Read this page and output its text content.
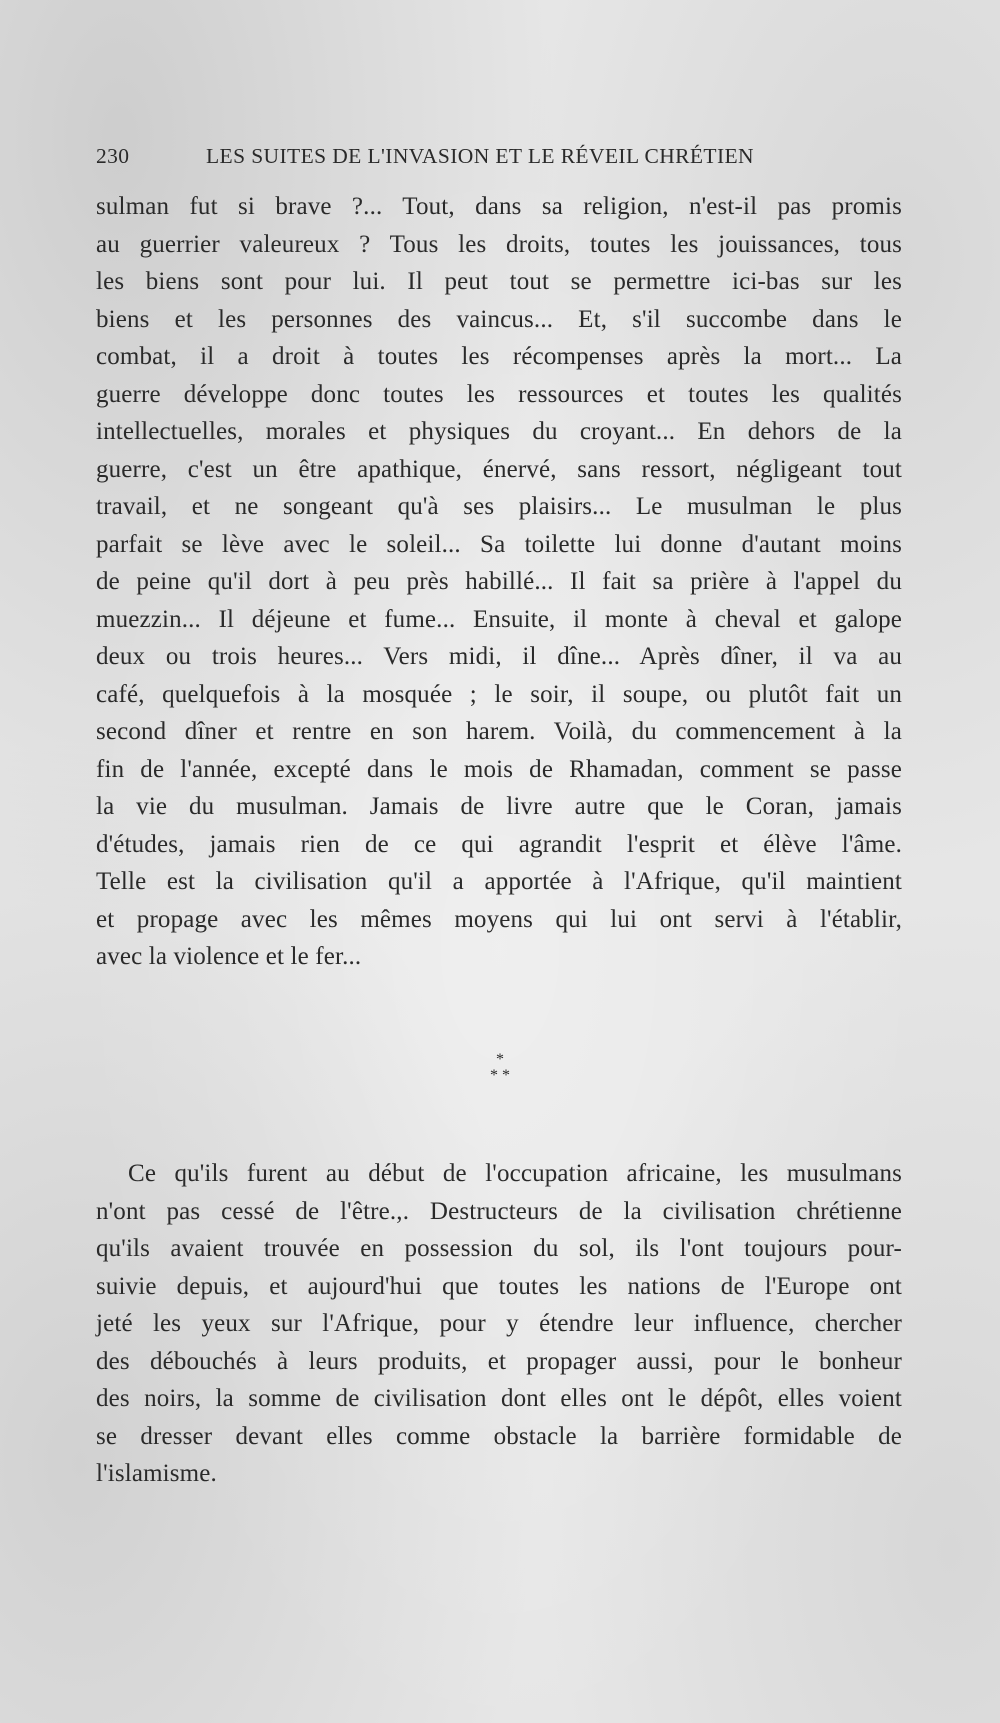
230	LES SUITES DE L'INVASION ET LE RÉVEIL CHRÉTIEN
sulman fut si brave ?... Tout, dans sa religion, n'est-il pas promis
au guerrier valeureux ? Tous les droits, toutes les jouissances, tous
les biens sont pour lui. Il peut tout se permettre ici-bas sur les
biens et les personnes des vaincus... Et, s'il succombe dans le
combat, il a droit à toutes les récompenses après la mort... La
guerre développe donc toutes les ressources et toutes les qualités
intellectuelles, morales et physiques du croyant... En dehors de la
guerre, c'est un être apathique, énervé, sans ressort, négligeant tout
travail, et ne songeant qu'à ses plaisirs... Le musulman le plus
parfait se lève avec le soleil... Sa toilette lui donne d'autant moins
de peine qu'il dort à peu près habillé... Il fait sa prière à l'appel du
muezzin... Il déjeune et fume... Ensuite, il monte à cheval et galope
deux ou trois heures... Vers midi, il dîne... Après dîner, il va au
café, quelquefois à la mosquée ; le soir, il soupe, ou plutôt fait un
second dîner et rentre en son harem. Voilà, du commencement à la
fin de l'année, excepté dans le mois de Rhamadan, comment se passe
la vie du musulman. Jamais de livre autre que le Coran, jamais
d'études, jamais rien de ce qui agrandit l'esprit et élève l'âme.
Telle est la civilisation qu'il a apportée à l'Afrique, qu'il maintient
et propage avec les mêmes moyens qui lui ont servi à l'établir,
avec la violence et le fer...
*
* *
Ce qu'ils furent au début de l'occupation africaine, les musulmans
n'ont pas cessé de l'être.,. Destructeurs de la civilisation chrétienne
qu'ils avaient trouvée en possession du sol, ils l'ont toujours pour-
suivie depuis, et aujourd'hui que toutes les nations de l'Europe ont
jeté les yeux sur l'Afrique, pour y étendre leur influence, chercher
des débouchés à leurs produits, et propager aussi, pour le bonheur
des noirs, la somme de civilisation dont elles ont le dépôt, elles voient
se dresser devant elles comme obstacle la barrière formidable de
l'islamisme.
